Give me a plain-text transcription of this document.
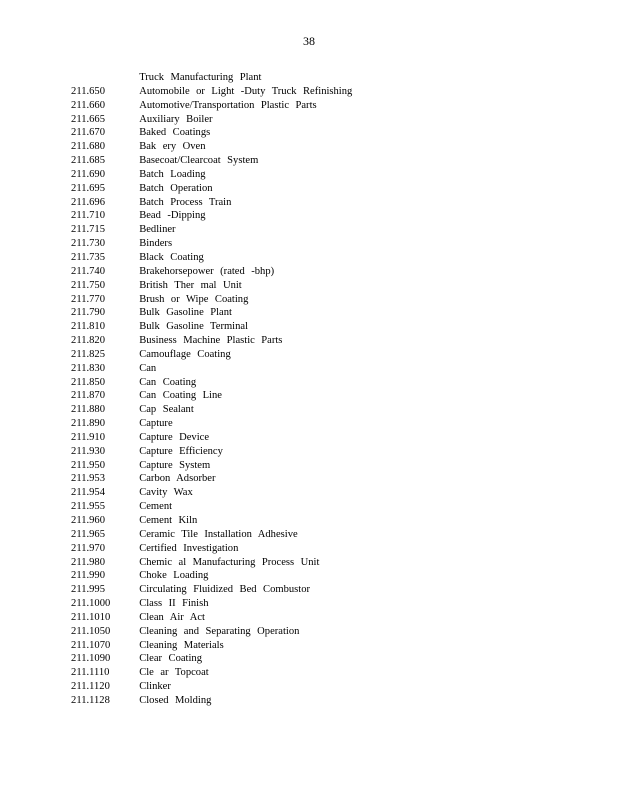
38
Truck Manufacturing Plant
211.650	Automobile or Light -Duty Truck Refinishing
211.660	Automotive/Transportation Plastic Parts
211.665	Auxiliary Boiler
211.670	Baked Coatings
211.680	Bak ery Oven
211.685	Basecoat/Clearcoat System
211.690	Batch Loading
211.695	Batch Operation
211.696	Batch Process Train
211.710	Bead -Dipping
211.715	Bedliner
211.730	Binders
211.735	Black Coating
211.740	Brakehorsepower (rated -bhp)
211.750	British Ther mal Unit
211.770	Brush or Wipe Coating
211.790	Bulk Gasoline Plant
211.810	Bulk Gasoline Terminal
211.820	Business Machine Plastic Parts
211.825	Camouflage Coating
211.830	Can
211.850	Can Coating
211.870	Can Coating Line
211.880	Cap Sealant
211.890	Capture
211.910	Capture Device
211.930	Capture Efficiency
211.950	Capture System
211.953	Carbon Adsorber
211.954	Cavity Wax
211.955	Cement
211.960	Cement Kiln
211.965	Ceramic Tile Installation Adhesive
211.970	Certified Investigation
211.980	Chemic al Manufacturing Process Unit
211.990	Choke Loading
211.995	Circulating Fluidized Bed Combustor
211.1000	Class II Finish
211.1010	Clean Air Act
211.1050	Cleaning and Separating Operation
211.1070	Cleaning Materials
211.1090	Clear Coating
211.1110	Cle ar Topcoat
211.1120	Clinker
211.1128	Closed Molding
